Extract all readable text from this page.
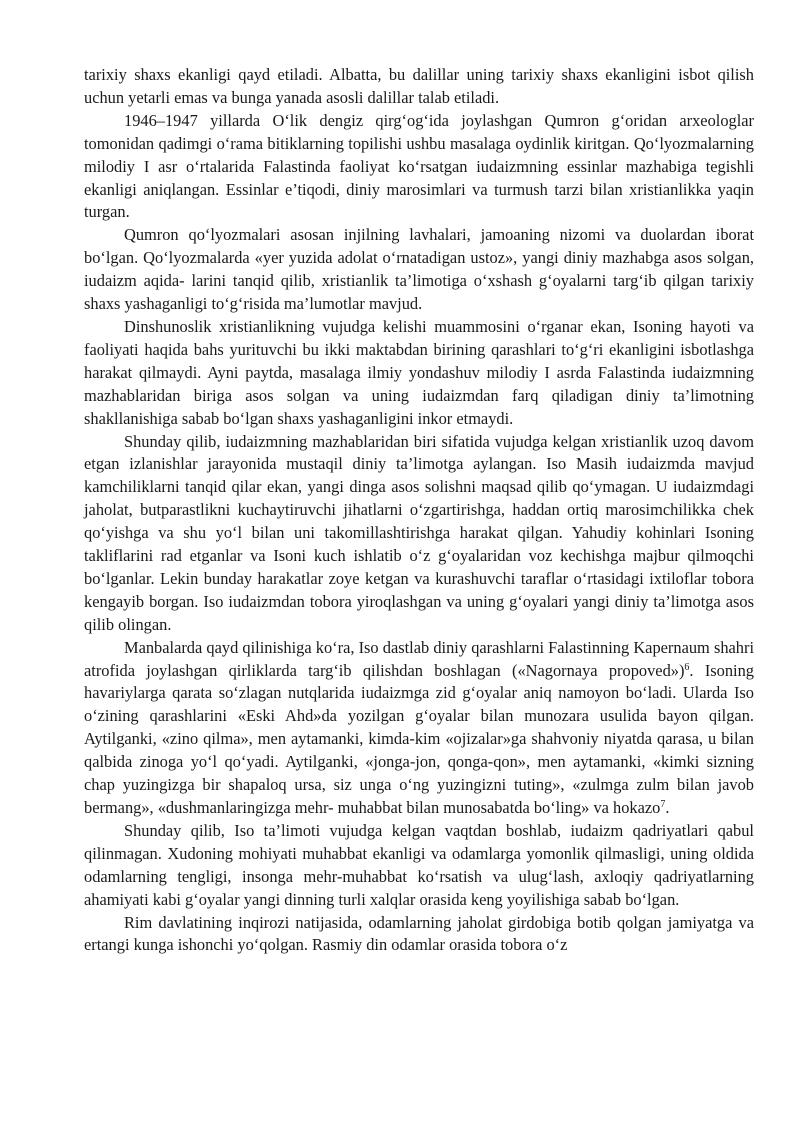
tarixiy shaxs ekanligi qayd etiladi. Albatta, bu dalillar uning tarixiy shaxs ekanligini isbot qilish uchun yetarli emas va bunga yanada asosli dalillar talab etiladi.

1946–1947 yillarda O‘lik dengiz qirg‘og‘ida joylashgan Qumron g‘oridan arxeologlar tomonidan qadimgi o‘rama bitiklarning topilishi ushbu masalaga oydinlik kiritgan. Qo‘lyozmalarning milodiy I asr o‘rtalarida Falastinda faoliyat ko‘rsatgan iudaizmning essinlar mazhabiga tegishli ekanligi aniqlangan. Essinlar e’tiqodi, diniy marosimlari va turmush tarzi bilan xristianlikka yaqin turgan.

Qumron qo‘lyozmalari asosan injilning lavhalari, jamoaning nizomi va duolardan iborat bo‘lgan. Qo‘lyozmalarda «yer yuzida adolat o‘rnatadigan ustoz», yangi diniy mazhabga asos solgan, iudaizm aqida- larini tanqid qilib, xristianlik ta’limotiga o‘xshash g‘oyalarni targ‘ib qilgan tarixiy shaxs yashaganligi to‘g‘risida ma’lumotlar mavjud.

Dinshunoslik xristianlikning vujudga kelishi muammosini o‘rganar ekan, Isoning hayoti va faoliyati haqida bahs yurituvchi bu ikki maktabdan birining qarashlari to‘g‘ri ekanligini isbotlashga harakat qilmaydi. Ayni paytda, masalaga ilmiy yondashuv milodiy I asrda Falastinda iudaizmning mazhablaridan biriga asos solgan va uning iudaizmdan farq qiladigan diniy ta’limotning shakllanishiga sabab bo‘lgan shaxs yashaganligini inkor etmaydi.

Shunday qilib, iudaizmning mazhablaridan biri sifatida vujudga kelgan xristianlik uzoq davom etgan izlanishlar jarayonida mustaqil diniy ta’limotga aylangan. Iso Masih iudaizmda mavjud kamchiliklarni tanqid qilar ekan, yangi dinga asos solishni maqsad qilib qo‘ymagan. U iudaizmdagi jaholat, butparastlikni kuchaytiruvchi jihatlarni o‘zgartirishga, haddan ortiq marosimchilikka chek qo‘yishga va shu yo‘l bilan uni takomillashtirishga harakat qilgan. Yahudiy kohinlari Isoning takliflarini rad etganlar va Isoni kuch ishlatib o‘z g‘oyalaridan voz kechishga majbur qilmoqchi bo‘lganlar. Lekin bunday harakatlar zoye ketgan va kurashuvchi taraflar o‘rtasidagi ixtiloflar tobora kengayib borgan. Iso iudaizmdan tobora yiroqlashgan va uning g‘oyalari yangi diniy ta’limotga asos qilib olingan.

Manbalarda qayd qilinishiga ko‘ra, Iso dastlab diniy qarashlarni Falastinning Kapernaum shahri atrofida joylashgan qirliklarda targ‘ib qilishdan boshlagan («Nagornaya propoved»)$^6$. Isoning havariylarga qarata so‘zlagan nutqlarida iudaizmga zid g‘oyalar aniq namoyon bo‘ladi. Ularda Iso o‘zining qarashlarini «Eski Ahd»da yozilgan g‘oyalar bilan munozara usulida bayon qilgan. Aytilganki, «zino qilma», men aytamanki, kimda-kim «ojizalar»ga shahvoniy niyatda qarasa, u bilan qalbida zinoga yo‘l qo‘yadi. Aytilganki, «jonga-jon, qonga-qon», men aytamanki, «kimki sizning chap yuzingizga bir shapaloq ursa, siz unga o‘ng yuzingizni tuting», «zulmga zulm bilan javob bermang», «dushmanlaringizga mehr- muhabbat bilan munosabatda bo‘ling» va hokazo$^7$.

Shunday qilib, Iso ta’limoti vujudga kelgan vaqtdan boshlab, iudaizm qadriyatlari qabul qilinmagan. Xudoning mohiyati muhabbat ekanligi va odamlarga yomonlik qilmasligi, uning oldida odamlarning tengligi, insonga mehr-muhabbat ko‘rsatish va ulug‘lash, axloqiy qadriyatlarning ahamiyati kabi g‘oyalar yangi dinning turli xalqlar orasida keng yoyilishiga sabab bo‘lgan.

Rim davlatining inqirozi natijasida, odamlarning jaholat girdobiga botib qolgan jamiyatga va ertangi kunga ishonchi yo‘qolgan. Rasmiy din odamlar orasida tobora o‘z
